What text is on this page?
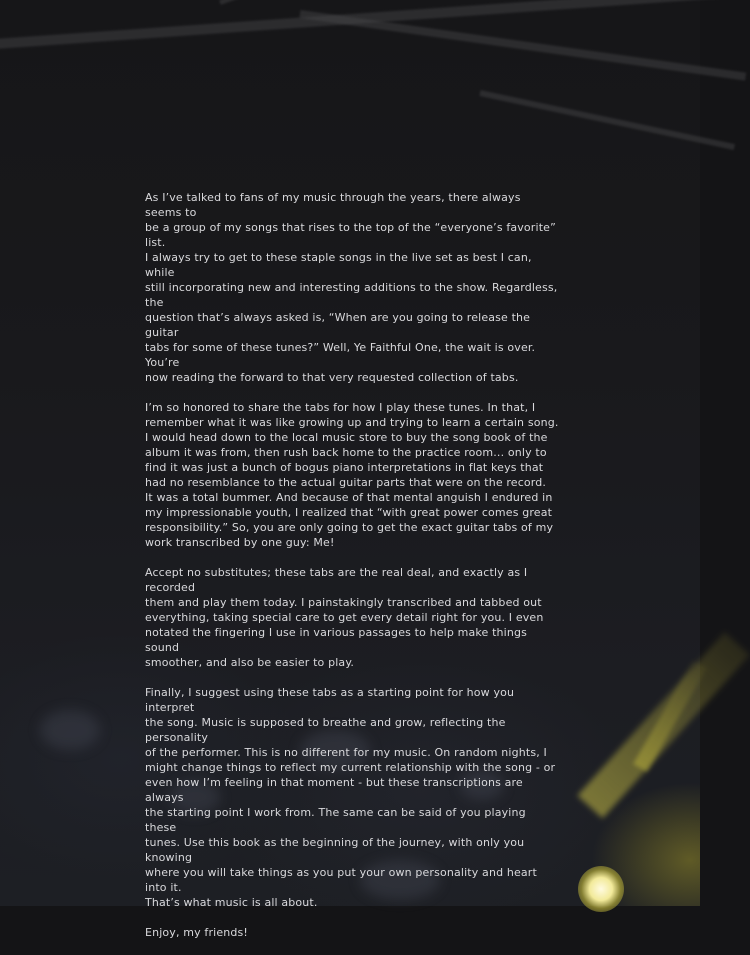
As I’ve talked to fans of my music through the years, there always seems to
be a group of my songs that rises to the top of the “everyone’s favorite” list.
I always try to get to these staple songs in the live set as best I can, while
still incorporating new and interesting additions to the show. Regardless, the
question that’s always asked is, “When are you going to release the guitar
tabs for some of these tunes?” Well, Ye Faithful One, the wait is over. You’re
now reading the forward to that very requested collection of tabs.

I’m so honored to share the tabs for how I play these tunes. In that, I
remember what it was like growing up and trying to learn a certain song.
I would head down to the local music store to buy the song book of the
album it was from, then rush back home to the practice room... only to
find it was just a bunch of bogus piano interpretations in flat keys that
had no resemblance to the actual guitar parts that were on the record.
It was a total bummer. And because of that mental anguish I endured in
my impressionable youth, I realized that “with great power comes great
responsibility.” So, you are only going to get the exact guitar tabs of my
work transcribed by one guy: Me!

Accept no substitutes; these tabs are the real deal, and exactly as I recorded
them and play them today. I painstakingly transcribed and tabbed out
everything, taking special care to get every detail right for you. I even
notated the fingering I use in various passages to help make things sound
smoother, and also be easier to play.

Finally, I suggest using these tabs as a starting point for how you interpret
the song. Music is supposed to breathe and grow, reflecting the personality
of the performer. This is no different for my music. On random nights, I
might change things to reflect my current relationship with the song - or
even how I’m feeling in that moment - but these transcriptions are always
the starting point I work from. The same can be said of you playing these
tunes. Use this book as the beginning of the journey, with only you knowing
where you will take things as you put your own personality and heart into it.
That’s what music is all about.

Enjoy, my friends!
